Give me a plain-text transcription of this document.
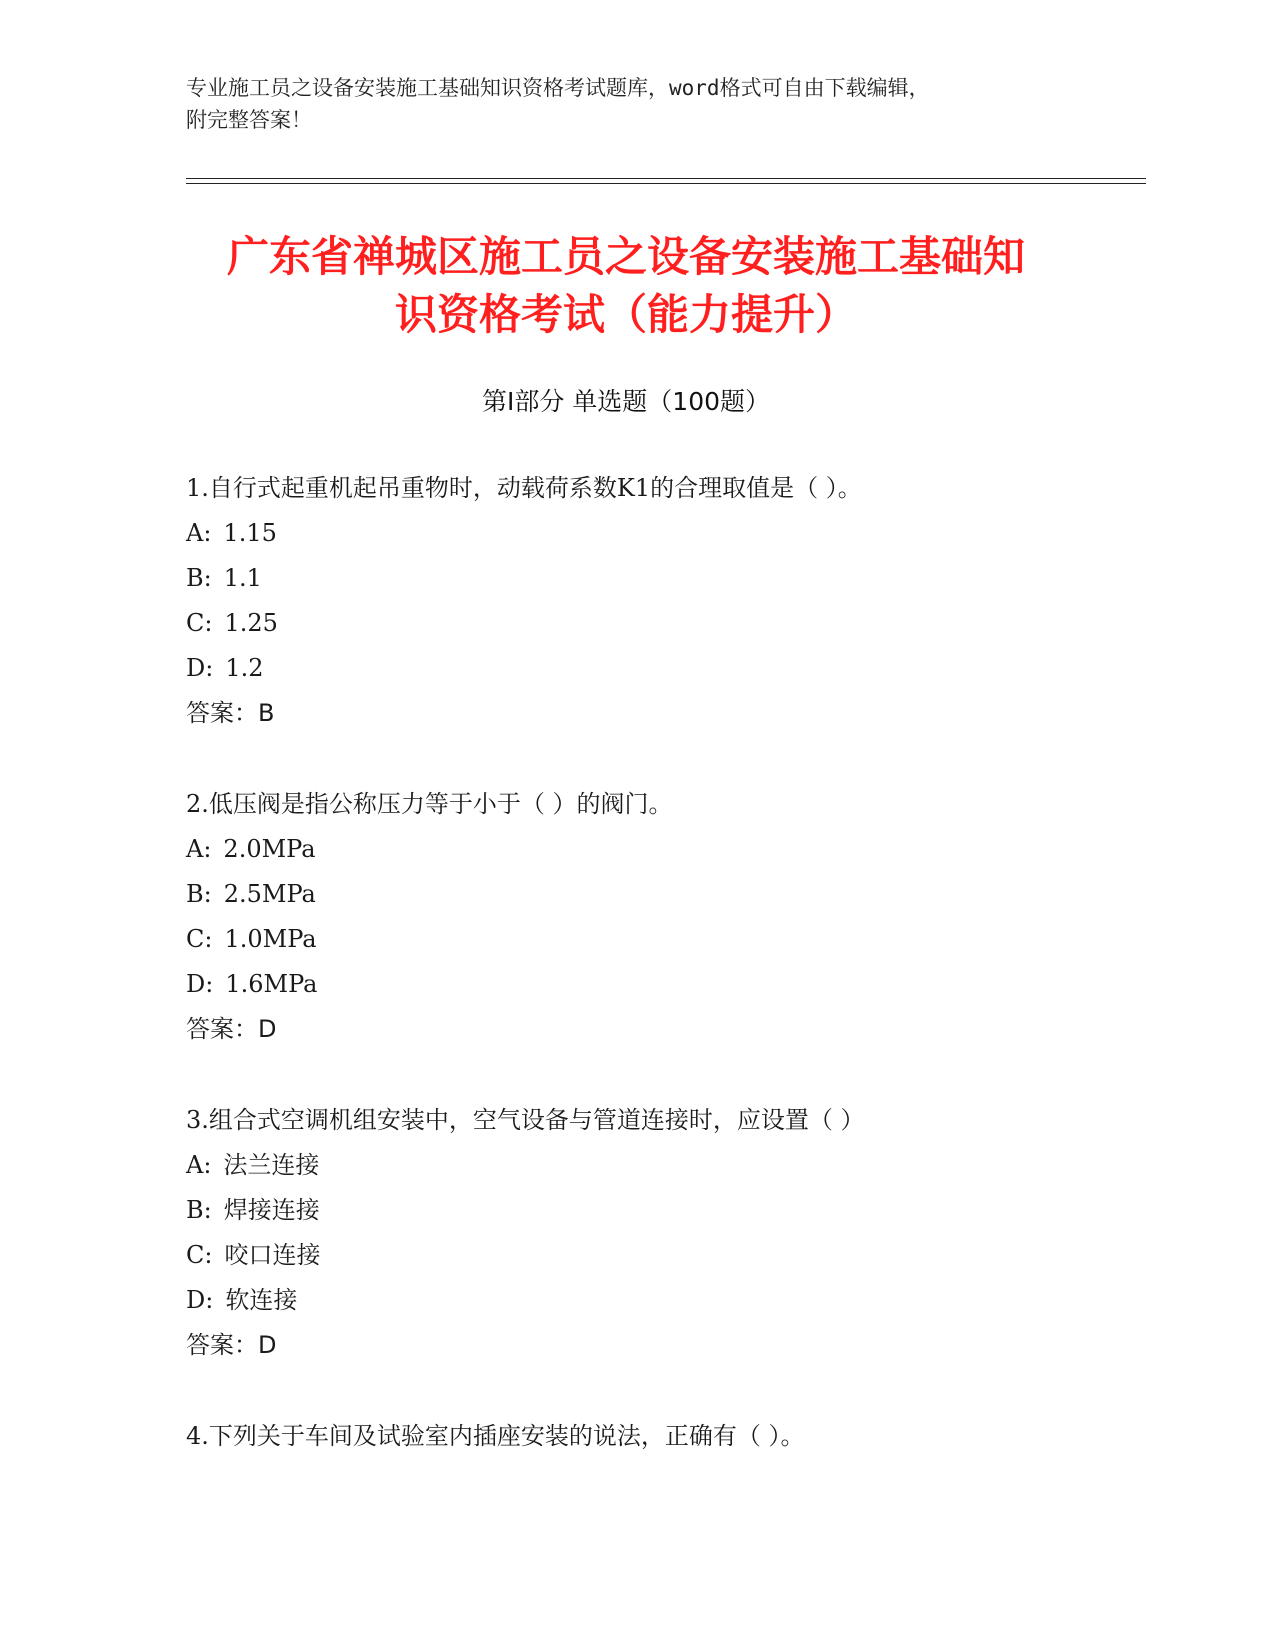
专业施工员之设备安装施工基础知识资格考试题库，word格式可自由下载编辑，
附完整答案！
广东省禅城区施工员之设备安装施工基础知
识资格考试（能力提升）
第Ⅰ部分 单选题（100题）
1.自行式起重机起吊重物时，动载荷系数K1的合理取值是（ ）。
A: 1.15
B: 1.1
C: 1.25
D: 1.2
答案：B
2.低压阀是指公称压力等于小于（ ）的阀门。
A: 2.0MPa
B: 2.5MPa
C: 1.0MPa
D: 1.6MPa
答案：D
3.组合式空调机组安装中，空气设备与管道连接时，应设置（ ）
A: 法兰连接
B: 焊接连接
C: 咬口连接
D: 软连接
答案：D
4.下列关于车间及试验室内插座安装的说法，正确有（ ）。
